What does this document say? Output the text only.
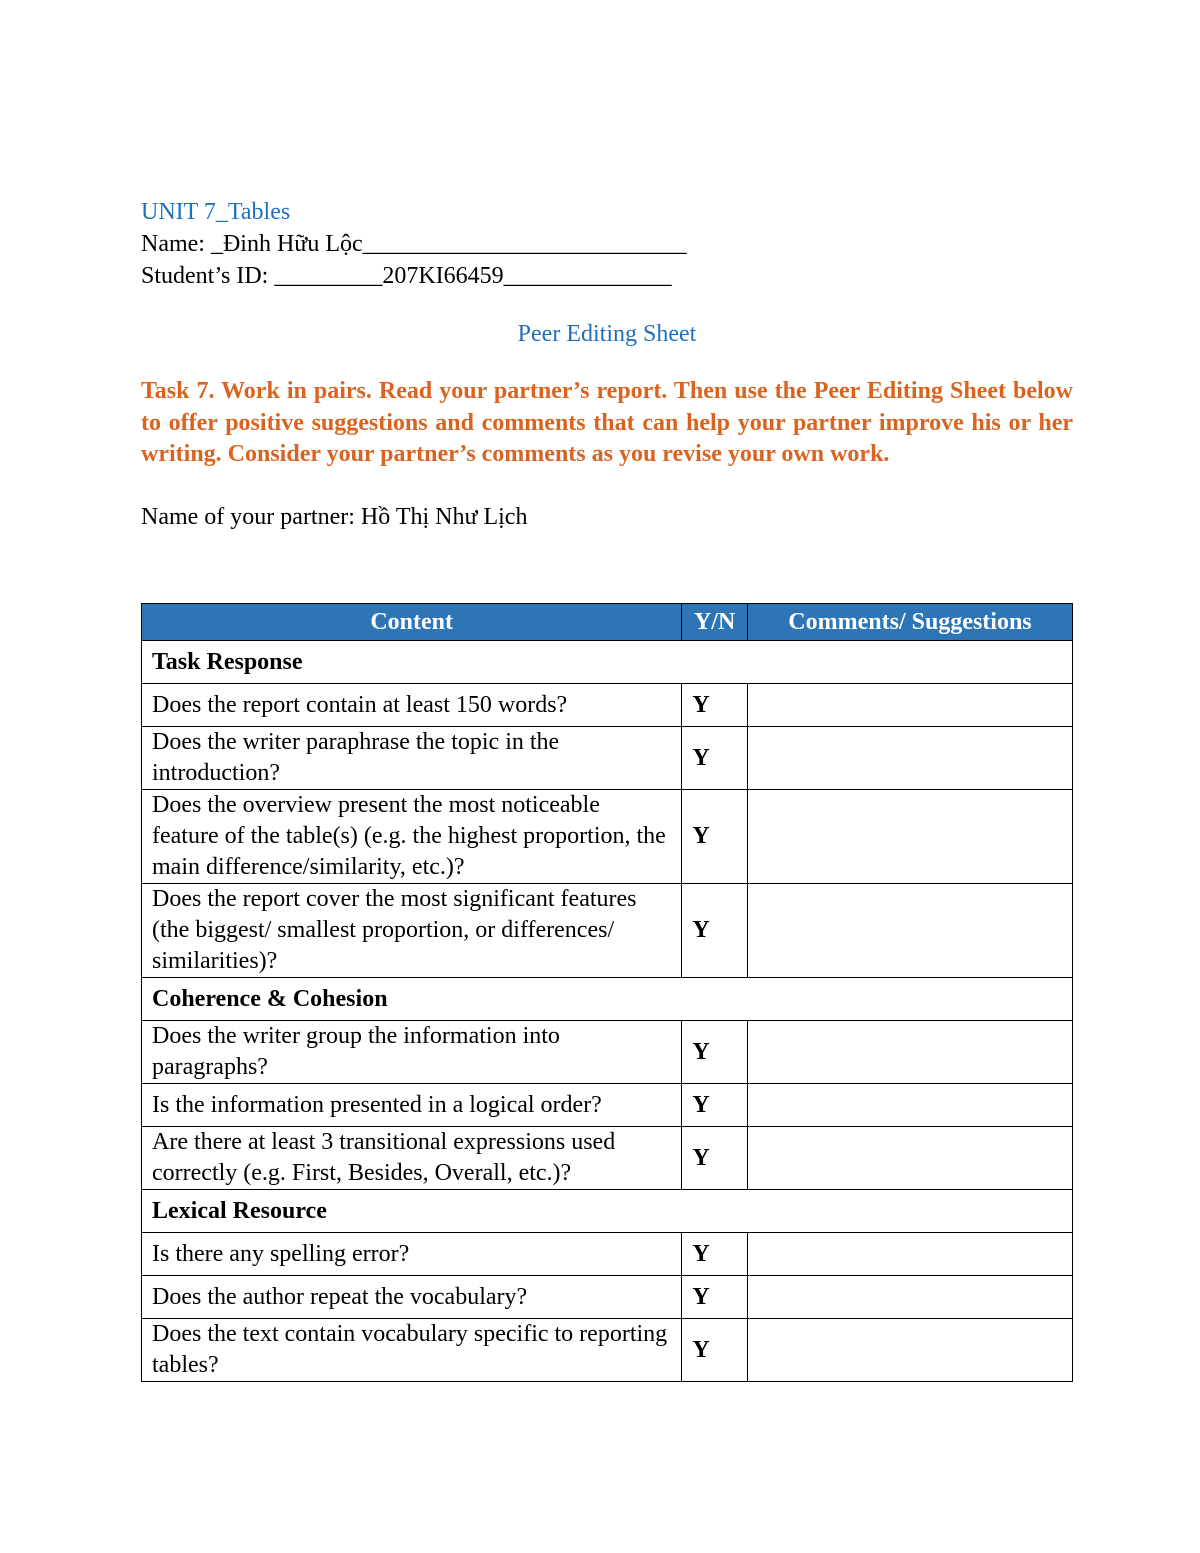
UNIT 7_Tables
Name: _Đinh Hữu Lộc___________________________
Student’s ID: _________207KI66459______________
Peer Editing Sheet
Task 7. Work in pairs. Read your partner’s report. Then use the Peer Editing Sheet below to offer positive suggestions and comments that can help your partner improve his or her writing. Consider your partner’s comments as you revise your own work.
Name of your partner: Hồ Thị Như Lịch
Content	Y/N	Comments/ Suggestions
Task Response		
Does the report contain at least 150 words?	Y	
Does the writer paraphrase the topic in the introduction?	Y	
Does the overview present the most noticeable feature of the table(s) (e.g. the highest proportion, the main difference/similarity, etc.)?	Y	
Does the report cover the most significant features (the biggest/ smallest proportion, or differences/ similarities)?	Y	
Coherence & Cohesion		
Does the writer group the information into paragraphs?	Y	
Is the information presented in a logical order?	Y	
Are there at least 3 transitional expressions used correctly (e.g. First, Besides, Overall, etc.)?	Y	
Lexical Resource		
Is there any spelling error?	Y	
Does the author repeat the vocabulary?	Y	
Does the text contain vocabulary specific to reporting tables?	Y	
